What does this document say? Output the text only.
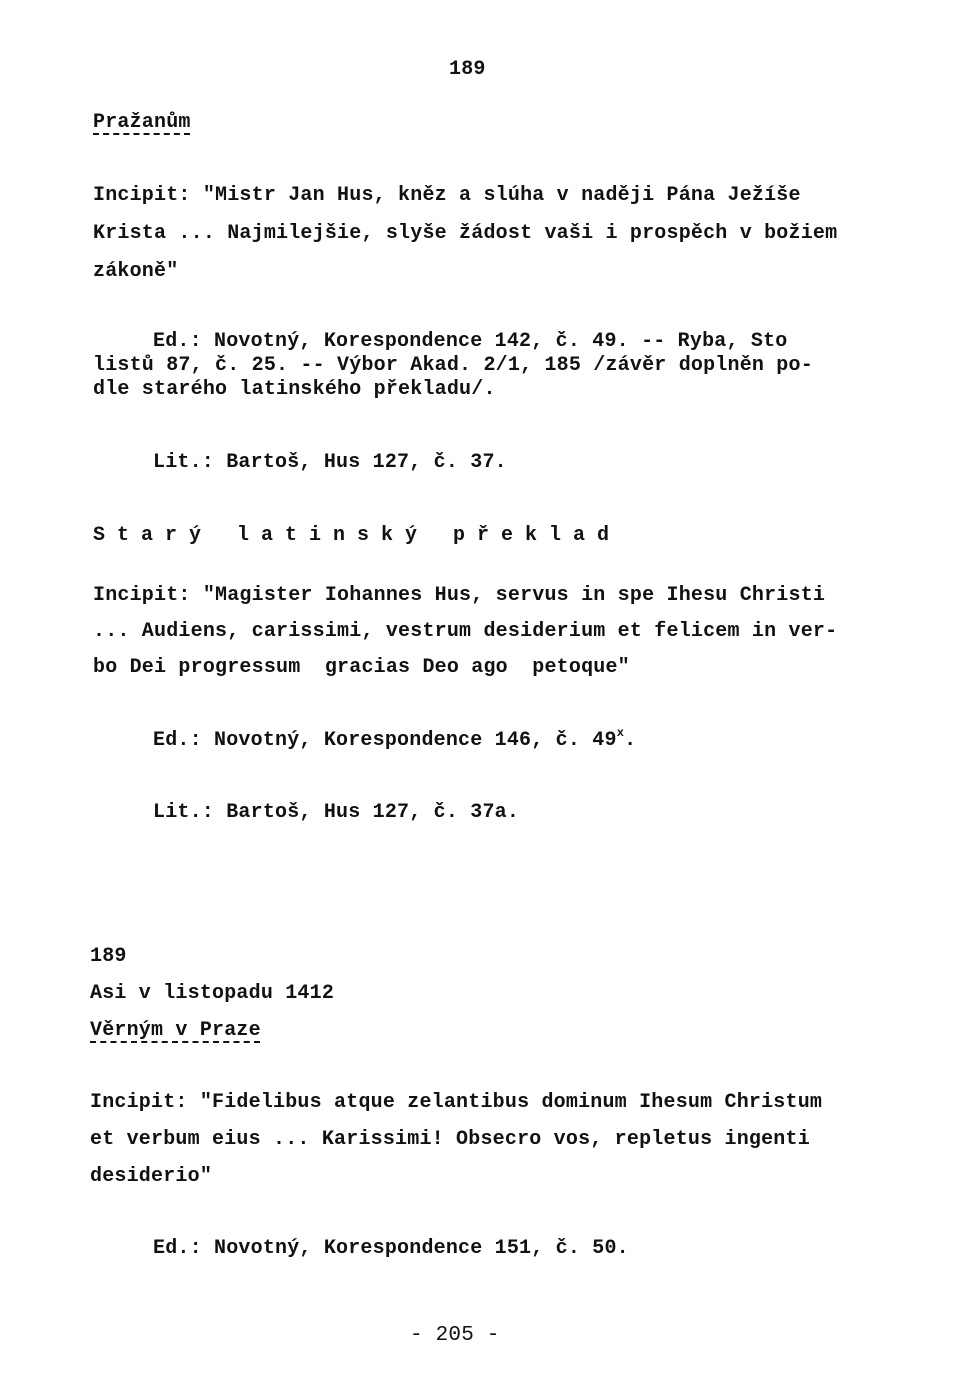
189
Pražanům
Incipit: "Mistr Jan Hus, kněz a slúha v naději Pána Ježíše
Krista ... Najmilejšie, slyše žádost vaši i prospěch v božiem
zákoně"
Ed.: Novotný, Korespondence 142, č. 49. -- Ryba, Sto
listů 87, č. 25. -- Výbor Akad. 2/1, 185 /závěr doplněn po-
dle starého latinského překladu/.
Lit.: Bartoš, Hus 127, č. 37.
Starý latinský překlad
Incipit: "Magister Iohannes Hus, servus in spe Ihesu Christi
... Audiens, carissimi, vestrum desiderium et felicem in ver-
bo Dei progressum  gracias Deo ago  petoque"
Ed.: Novotný, Korespondence 146, č. 49$^x$.
Lit.: Bartoš, Hus 127, č. 37a.
189
Asi v listopadu 1412
Věrným v Praze
Incipit: "Fidelibus atque zelantibus dominum Ihesum Christum
et verbum eius ... Karissimi! Obsecro vos, repletus ingenti
desiderio"
Ed.: Novotný, Korespondence 151, č. 50.
- 205 -
